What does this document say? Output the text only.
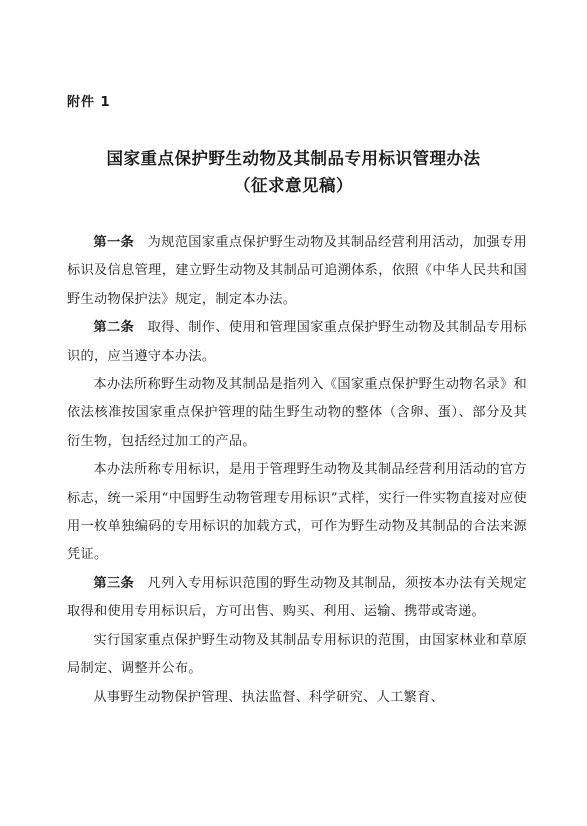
附件 1
国家重点保护野生动物及其制品专用标识管理办法
（征求意见稿）

第一条　为规范国家重点保护野生动物及其制品经营利用活动，加强专用标识及信息管理，建立野生动物及其制品可追溯体系，依照《中华人民共和国野生动物保护法》规定，制定本办法。

第二条　取得、制作、使用和管理国家重点保护野生动物及其制品专用标识的，应当遵守本办法。

本办法所称野生动物及其制品是指列入《国家重点保护野生动物名录》和依法核准按国家重点保护管理的陆生野生动物的整体（含卵、蛋）、部分及其衍生物，包括经过加工的产品。

本办法所称专用标识，是用于管理野生动物及其制品经营利用活动的官方标志，统一采用“中国野生动物管理专用标识”式样，实行一件实物直接对应使用一枚单独编码的专用标识的加载方式，可作为野生动物及其制品的合法来源凭证。

第三条　凡列入专用标识范围的野生动物及其制品，须按本办法有关规定取得和使用专用标识后，方可出售、购买、利用、运输、携带或寄递。

实行国家重点保护野生动物及其制品专用标识的范围，由国家林业和草原局制定、调整并公布。

从事野生动物保护管理、执法监督、科学研究、人工繁育、
